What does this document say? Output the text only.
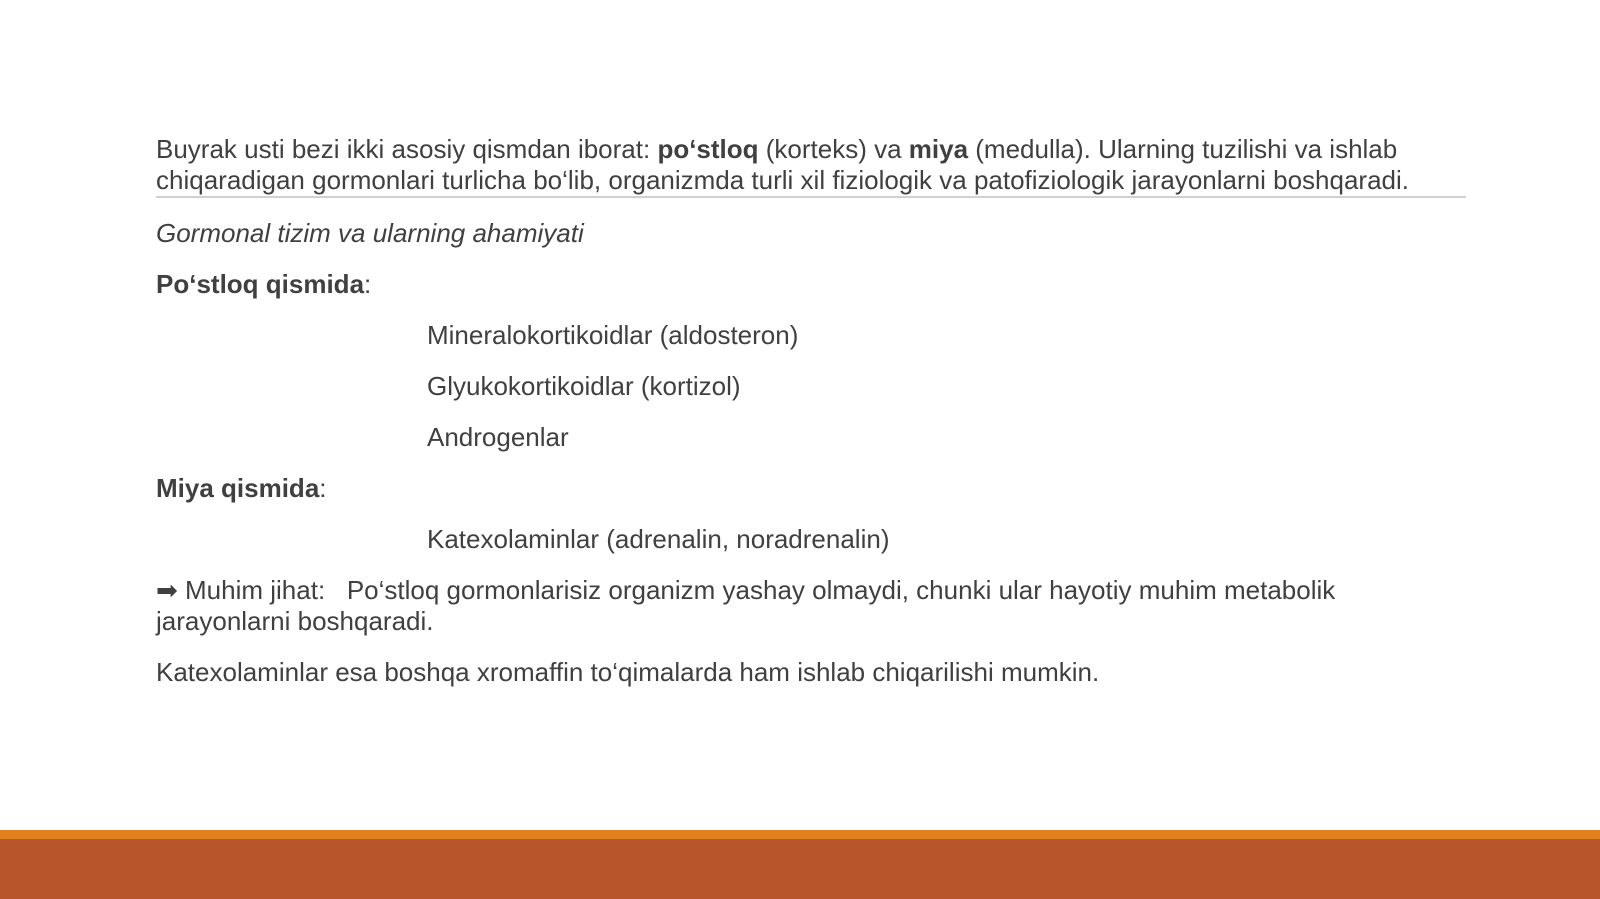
Buyrak usti bezi ikki asosiy qismdan iborat: po‘stloq (korteks) va miya (medulla). Ularning tuzilishi va ishlab chiqaradigan gormonlari turlicha bo‘lib, organizmda turli xil fiziologik va patofiziologik jarayonlarni boshqaradi.

Gormonal tizim va ularning ahamiyati

Po‘stloq qismida:

Mineralokortikoidlar (aldosteron)

Glyukokortikoidlar (kortizol)

Androgenlar

Miya qismida:

Katexolaminlar (adrenalin, noradrenalin)

➡ Muhim jihat:   Po‘stloq gormonlarisiz organizm yashay olmaydi, chunki ular hayotiy muhim metabolik jarayonlarni boshqaradi.

Katexolaminlar esa boshqa xromaffin to‘qimalarda ham ishlab chiqarilishi mumkin.
